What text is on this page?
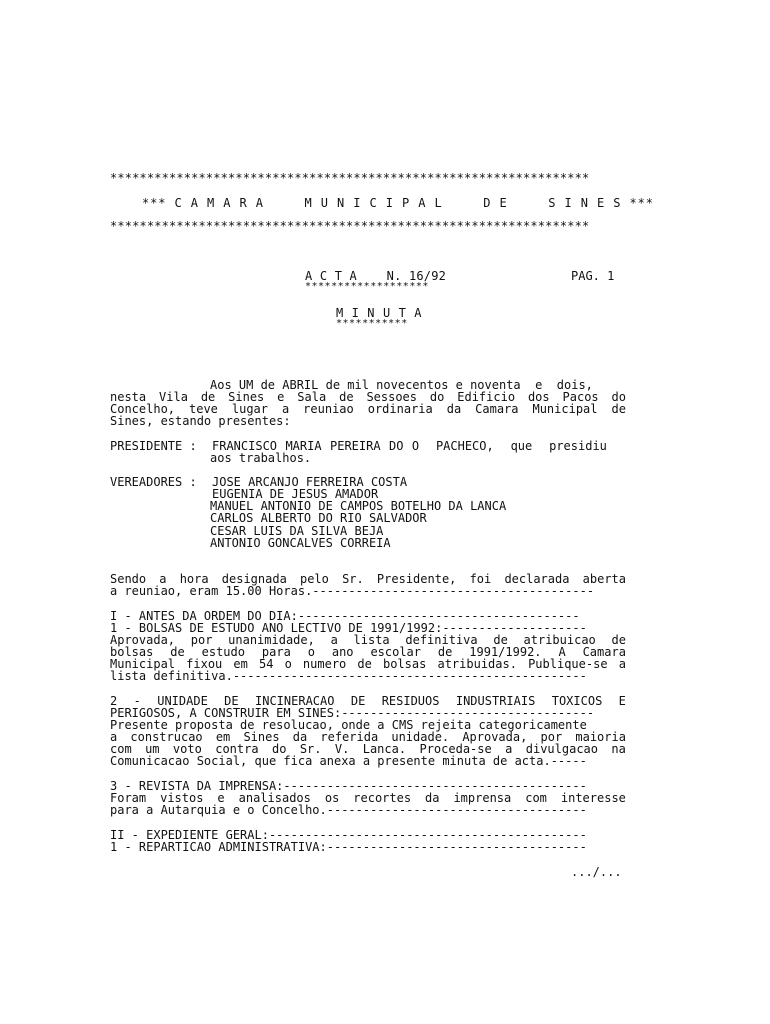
*****************************************************************
*** C A M A R A     M U N I C I P A L     D E     S I N E S ***
*****************************************************************
A C T A    N. 16/92	PAG. 1
*******************
M I N U T A
***********
Aos UM de ABRIL de mil novecentos e noventa  e  dois,
nesta Vila de Sines e Sala de Sessoes do Edificio dos Pacos do
Concelho, teve lugar a reuniao ordinaria da Camara Municipal de
Sines, estando presentes:
PRESIDENTE : FRANCISCO MARIA PEREIRA DO O  PACHECO,  que  presidiu
aos trabalhos.
VEREADORES : JOSE ARCANJO FERREIRA COSTA
EUGENIA DE JESUS AMADOR
MANUEL ANTONIO DE CAMPOS BOTELHO DA LANCA
CARLOS ALBERTO DO RIO SALVADOR
CESAR LUIS DA SILVA BEJA
ANTONIO GONCALVES CORREIA
Sendo a hora designada pelo Sr. Presidente, foi declarada aberta
a reuniao, eram 15.00 Horas.---------------------------------------
I - ANTES DA ORDEM DO DIA:---------------------------------------
1 - BOLSAS DE ESTUDO ANO LECTIVO DE 1991/1992:--------------------
Aprovada, por unanimidade, a lista definitiva de atribuicao de
bolsas de estudo para o ano escolar de 1991/1992. A Camara
Municipal fixou em 54 o numero de bolsas atribuidas. Publique-se a
lista definitiva.-------------------------------------------------
2 - UNIDADE DE INCINERACAO DE RESIDUOS INDUSTRIAIS TOXICOS E
PERIGOSOS, A CONSTRUIR EM SINES:-----------------------------------
Presente proposta de resolucao, onde a CMS rejeita categoricamente
a construcao em Sines da referida unidade. Aprovada, por maioria
com um voto contra do Sr. V. Lanca. Proceda-se a divulgacao na
Comunicacao Social, que fica anexa a presente minuta de acta.-----
3 - REVISTA DA IMPRENSA:------------------------------------------
Foram vistos e analisados os recortes da imprensa com interesse
para a Autarquia e o Concelho.------------------------------------
II - EXPEDIENTE GERAL:--------------------------------------------
1 - REPARTICAO ADMINISTRATIVA:------------------------------------
.../...
